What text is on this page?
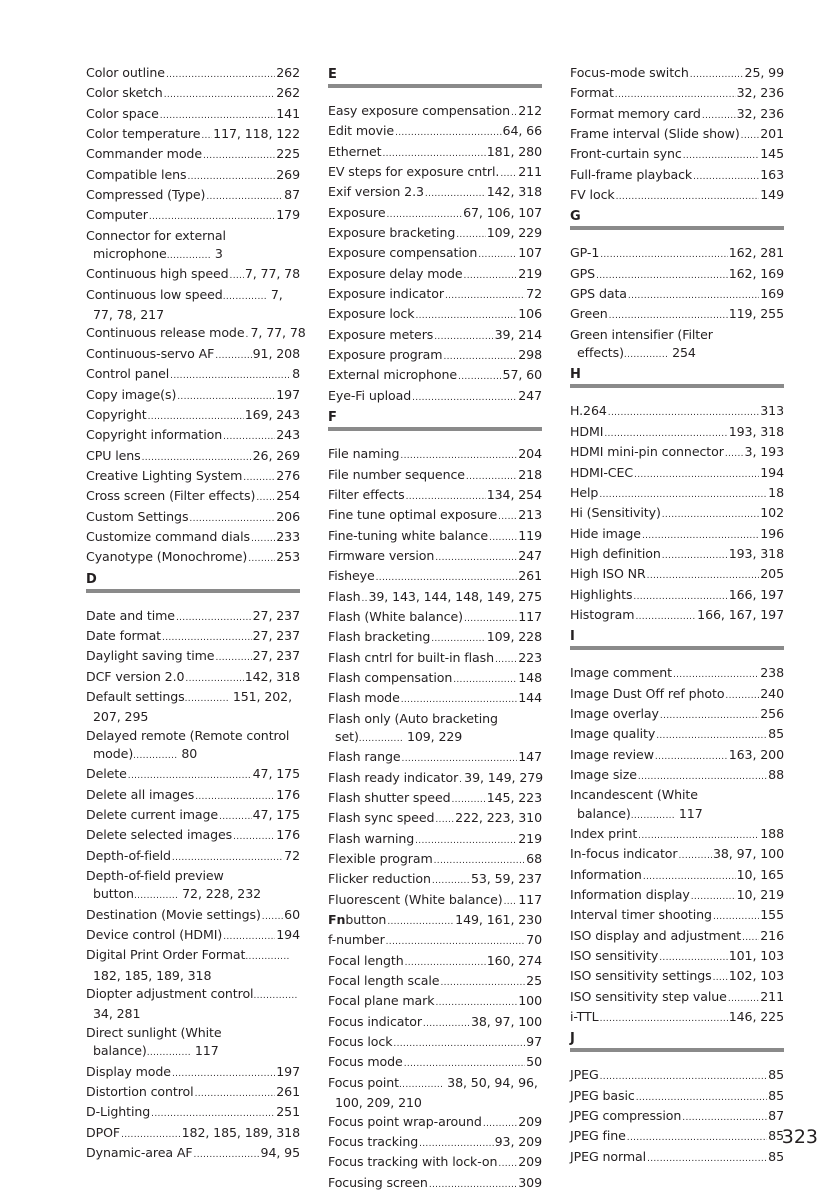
Color outline .....	262
Color sketch .....	262
Color space .....	141
Color temperature ..... 117, 118, 122
Commander mode .....	225
Compatible lens .....	269
Compressed (Type) .....	87
Computer .....	179
Connector for external microphone.............. 3
Continuous high speed ..... 7, 77, 78
Continuous low speed.............. 7, 77, 78, 217
Continuous release mode ..... 7, 77, 78
Continuous-servo AF .....	91, 208
Control panel .....	8
Copy image(s) .....	197
Copyright .....	169, 243
Copyright information .....	243
CPU lens .....	26, 269
Creative Lighting System .....	276
Cross screen (Filter effects) ..... 254
Custom Settings .....	206
Customize command dials ..... 233
Cyanotype (Monochrome) ..... 253
D
Date and time .....	27, 237
Date format .....	27, 237
Daylight saving time .....	27, 237
DCF version 2.0 .....	142, 318
Default settings.............. 151, 202, 207, 295
Delayed remote (Remote control mode).............. 80
Delete .....	47, 175
Delete all images .....	176
Delete current image .....	47, 175
Delete selected images .....	176
Depth-of-field .....	72
Depth-of-field preview button.............. 72, 228, 232
Destination (Movie settings) ..... 60
Device control (HDMI) .....	194
Digital Print Order Format.............. 182, 185, 189, 318
Diopter adjustment control.............. 34, 281
Direct sunlight (White balance).............. 117
Display mode .....	197
Distortion control .....	261
D-Lighting .....	251
DPOF .....	182, 185, 189, 318
Dynamic-area AF .....	94, 95
E
Easy exposure compensation ..... 212
Edit movie .....	64, 66
Ethernet .....	181, 280
EV steps for exposure cntrl. ..... 211
Exif version 2.3 .....	142, 318
Exposure .....	67, 106, 107
Exposure bracketing ..... 109, 229
Exposure compensation .....	107
Exposure delay mode .....	219
Exposure indicator .....	72
Exposure lock .....	106
Exposure meters .....	39, 214
Exposure program .....	298
External microphone .....	57, 60
Eye-Fi upload .....	247
F
File naming .....	204
File number sequence .....	218
Filter effects .....	134, 254
Fine tune optimal exposure ..... 213
Fine-tuning white balance ..... 119
Firmware version .....	247
Fisheye .....	261
Flash ..... 39, 143, 144, 148, 149, 275
Flash (White balance) .....	117
Flash bracketing .....	109, 228
Flash cntrl for built-in flash ..... 223
Flash compensation .....	148
Flash mode .....	144
Flash only (Auto bracketing set).............. 109, 229
Flash range .....	147
Flash ready indicator ..... 39, 149, 279
Flash shutter speed .....	145, 223
Flash sync speed ..... 222, 223, 310
Flash warning .....	219
Flexible program .....	68
Flicker reduction .....	53, 59, 237
Fluorescent (White balance) ..... 117
Fn button .....	149, 161, 230
f-number .....	70
Focal length .....	160, 274
Focal length scale .....	25
Focal plane mark .....	100
Focus indicator .....	38, 97, 100
Focus lock .....	97
Focus mode .....	50
Focus point.............. 38, 50, 94, 96, 100, 209, 210
Focus point wrap-around .....	209
Focus tracking .....	93, 209
Focus tracking with lock-on ..... 209
Focusing screen .....	309
Focus-mode switch .....	25, 99
Format .....	32, 236
Format memory card .....	32, 236
Frame interval (Slide show) ..... 201
Front-curtain sync .....	145
Full-frame playback .....	163
FV lock .....	149
G
GP-1 .....	162, 281
GPS .....	162, 169
GPS data .....	169
Green .....	119, 255
Green intensifier (Filter effects).............. 254
H
H.264 .....	313
HDMI .....	193, 318
HDMI mini-pin connector ..... 3, 193
HDMI-CEC .....	194
Help .....	18
Hi (Sensitivity) .....	102
Hide image .....	196
High definition .....	193, 318
High ISO NR .....	205
Highlights .....	166, 197
Histogram .....	166, 167, 197
I
Image comment .....	238
Image Dust Off ref photo .....	240
Image overlay .....	256
Image quality .....	85
Image review .....	163, 200
Image size .....	88
Incandescent (White balance).............. 117
Index print .....	188
In-focus indicator .....	38, 97, 100
Information .....	10, 165
Information display .....	10, 219
Interval timer shooting .....	155
ISO display and adjustment ..... 216
ISO sensitivity .....	101, 103
ISO sensitivity settings ..... 102, 103
ISO sensitivity step value .....	211
i-TTL .....	146, 225
J
JPEG .....	85
JPEG basic .....	85
JPEG compression .....	87
JPEG fine .....	85
JPEG normal .....	85
323
